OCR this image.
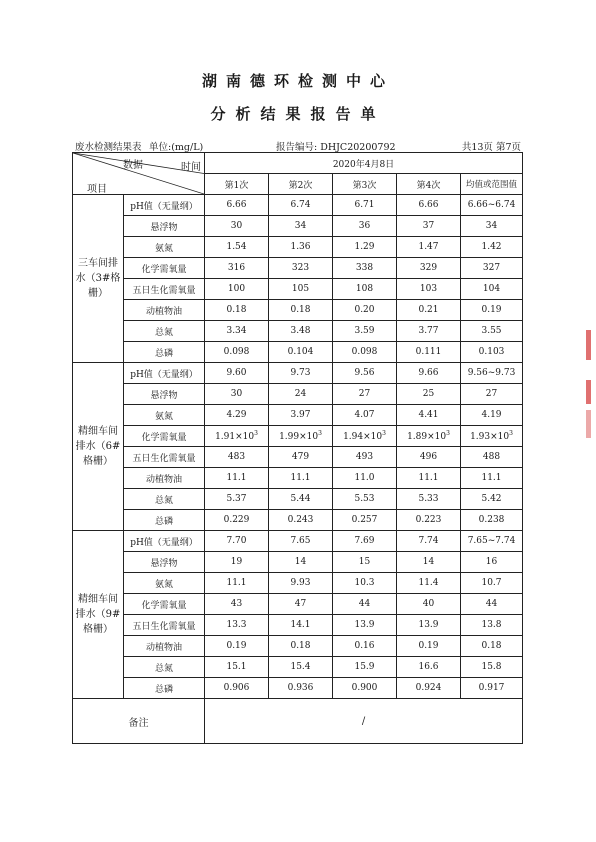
湖南德环检测中心
分析结果报告单
废水检测结果表 单位:(mg/L)	报告编号: DHJC20200792	共13页 第7页
数据 时间
项目		2020年4月8日				
		第1次	第2次	第3次	第4次	均值或范围值
三车间排水（3#格栅）	pH值（无量纲）	6.66	6.74	6.71	6.66	6.66~6.74
	悬浮物	30	34	36	37	34
	氨氮	1.54	1.36	1.29	1.47	1.42
	化学需氧量	316	323	338	329	327
	五日生化需氧量	100	105	108	103	104
	动植物油	0.18	0.18	0.20	0.21	0.19
	总氮	3.34	3.48	3.59	3.77	3.55
	总磷	0.098	0.104	0.098	0.111	0.103
精细车间排水（6#格栅）	pH值（无量纲）	9.60	9.73	9.56	9.66	9.56~9.73
	悬浮物	30	24	27	25	27
	氨氮	4.29	3.97	4.07	4.41	4.19
	化学需氧量	$1.91\times 10^3$	$1.99\times 10^3$	$1.94\times 10^3$	$1.89\times 10^3$	$1.93\times 10^3$
	五日生化需氧量	483	479	493	496	488
	动植物油	11.1	11.1	11.0	11.1	11.1
	总氮	5.37	5.44	5.53	5.33	5.42
	总磷	0.229	0.243	0.257	0.223	0.238
精细车间排水（9#格栅）	pH值（无量纲）	7.70	7.65	7.69	7.74	7.65~7.74
	悬浮物	19	14	15	14	16
	氨氮	11.1	9.93	10.3	11.4	10.7
	化学需氧量	43	47	44	40	44
	五日生化需氧量	13.3	14.1	13.9	13.9	13.8
	动植物油	0.19	0.18	0.16	0.19	0.18
	总氮	15.1	15.4	15.9	16.6	15.8
	总磷	0.906	0.936	0.900	0.924	0.917
备注		/				
